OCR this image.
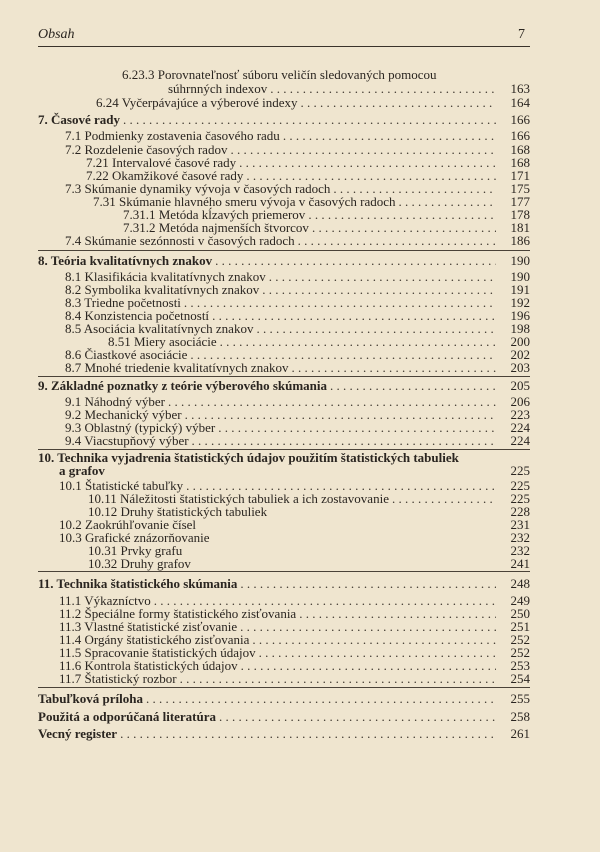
Obsah	7
6.23.3 Porovnateľnosť súboru veličín sledovaných pomocou
súhrnných indexov . . .	163
6.24 Vyčerpávajúce a výberové indexy . . .	164
7. Časové rady . . .	166
7.1 Podmienky zostavenia časového radu . . .	166
7.2 Rozdelenie časových radov . . .	168
7.21 Intervalové časové rady . . .	168
7.22 Okamžikové časové rady . . .	171
7.3 Skúmanie dynamiky vývoja v časových radoch . . .	175
7.31 Skúmanie hlavného smeru vývoja v časových radoch . . .	177
7.31.1 Metóda kĺzavých priemerov . . .	178
7.31.2 Metóda najmenších štvorcov . . .	181
7.4 Skúmanie sezónnosti v časových radoch . . .	186
8. Teória kvalitatívnych znakov . . .	190
8.1 Klasifikácia kvalitatívnych znakov . . .	190
8.2 Symbolika kvalitatívnych znakov . . .	191
8.3 Triedne početnosti . . .	192
8.4 Konzistencia početností . . .	196
8.5 Asociácia kvalitatívnych znakov . . .	198
8.51 Miery asociácie . . .	200
8.6 Čiastkové asociácie . . .	202
8.7 Mnohé triedenie kvalitatívnych znakov . . .	203
9. Základné poznatky z teórie výberového skúmania . . .	205
9.1 Náhodný výber . . .	206
9.2 Mechanický výber . . .	223
9.3 Oblastný (typický) výber . . .	224
9.4 Viacstupňový výber . . .	224
10. Technika vyjadrenia štatistických údajov použitím štatistických tabuliek
a grafov	225
10.1 Štatistické tabuľky . . .	225
10.11 Náležitosti štatistických tabuliek a ich zostavovanie . . .	225
10.12 Druhy štatistických tabuliek	228
10.2 Zaokrúhľovanie čísel	231
10.3 Grafické znázorňovanie	232
10.31 Prvky grafu	232
10.32 Druhy grafov	241
11. Technika štatistického skúmania . . .	248
11.1 Výkazníctvo . . .	249
11.2 Špeciálne formy štatistického zisťovania . . .	250
11.3 Vlastné štatistické zisťovanie . . .	251
11.4 Orgány štatistického zisťovania . . .	252
11.5 Spracovanie štatistických údajov . . .	252
11.6 Kontrola štatistických údajov . . .	253
11.7 Štatistický rozbor . . .	254
Tabuľková príloha . . .	255
Použitá a odporúčaná literatúra . . .	258
Vecný register . . .	261
